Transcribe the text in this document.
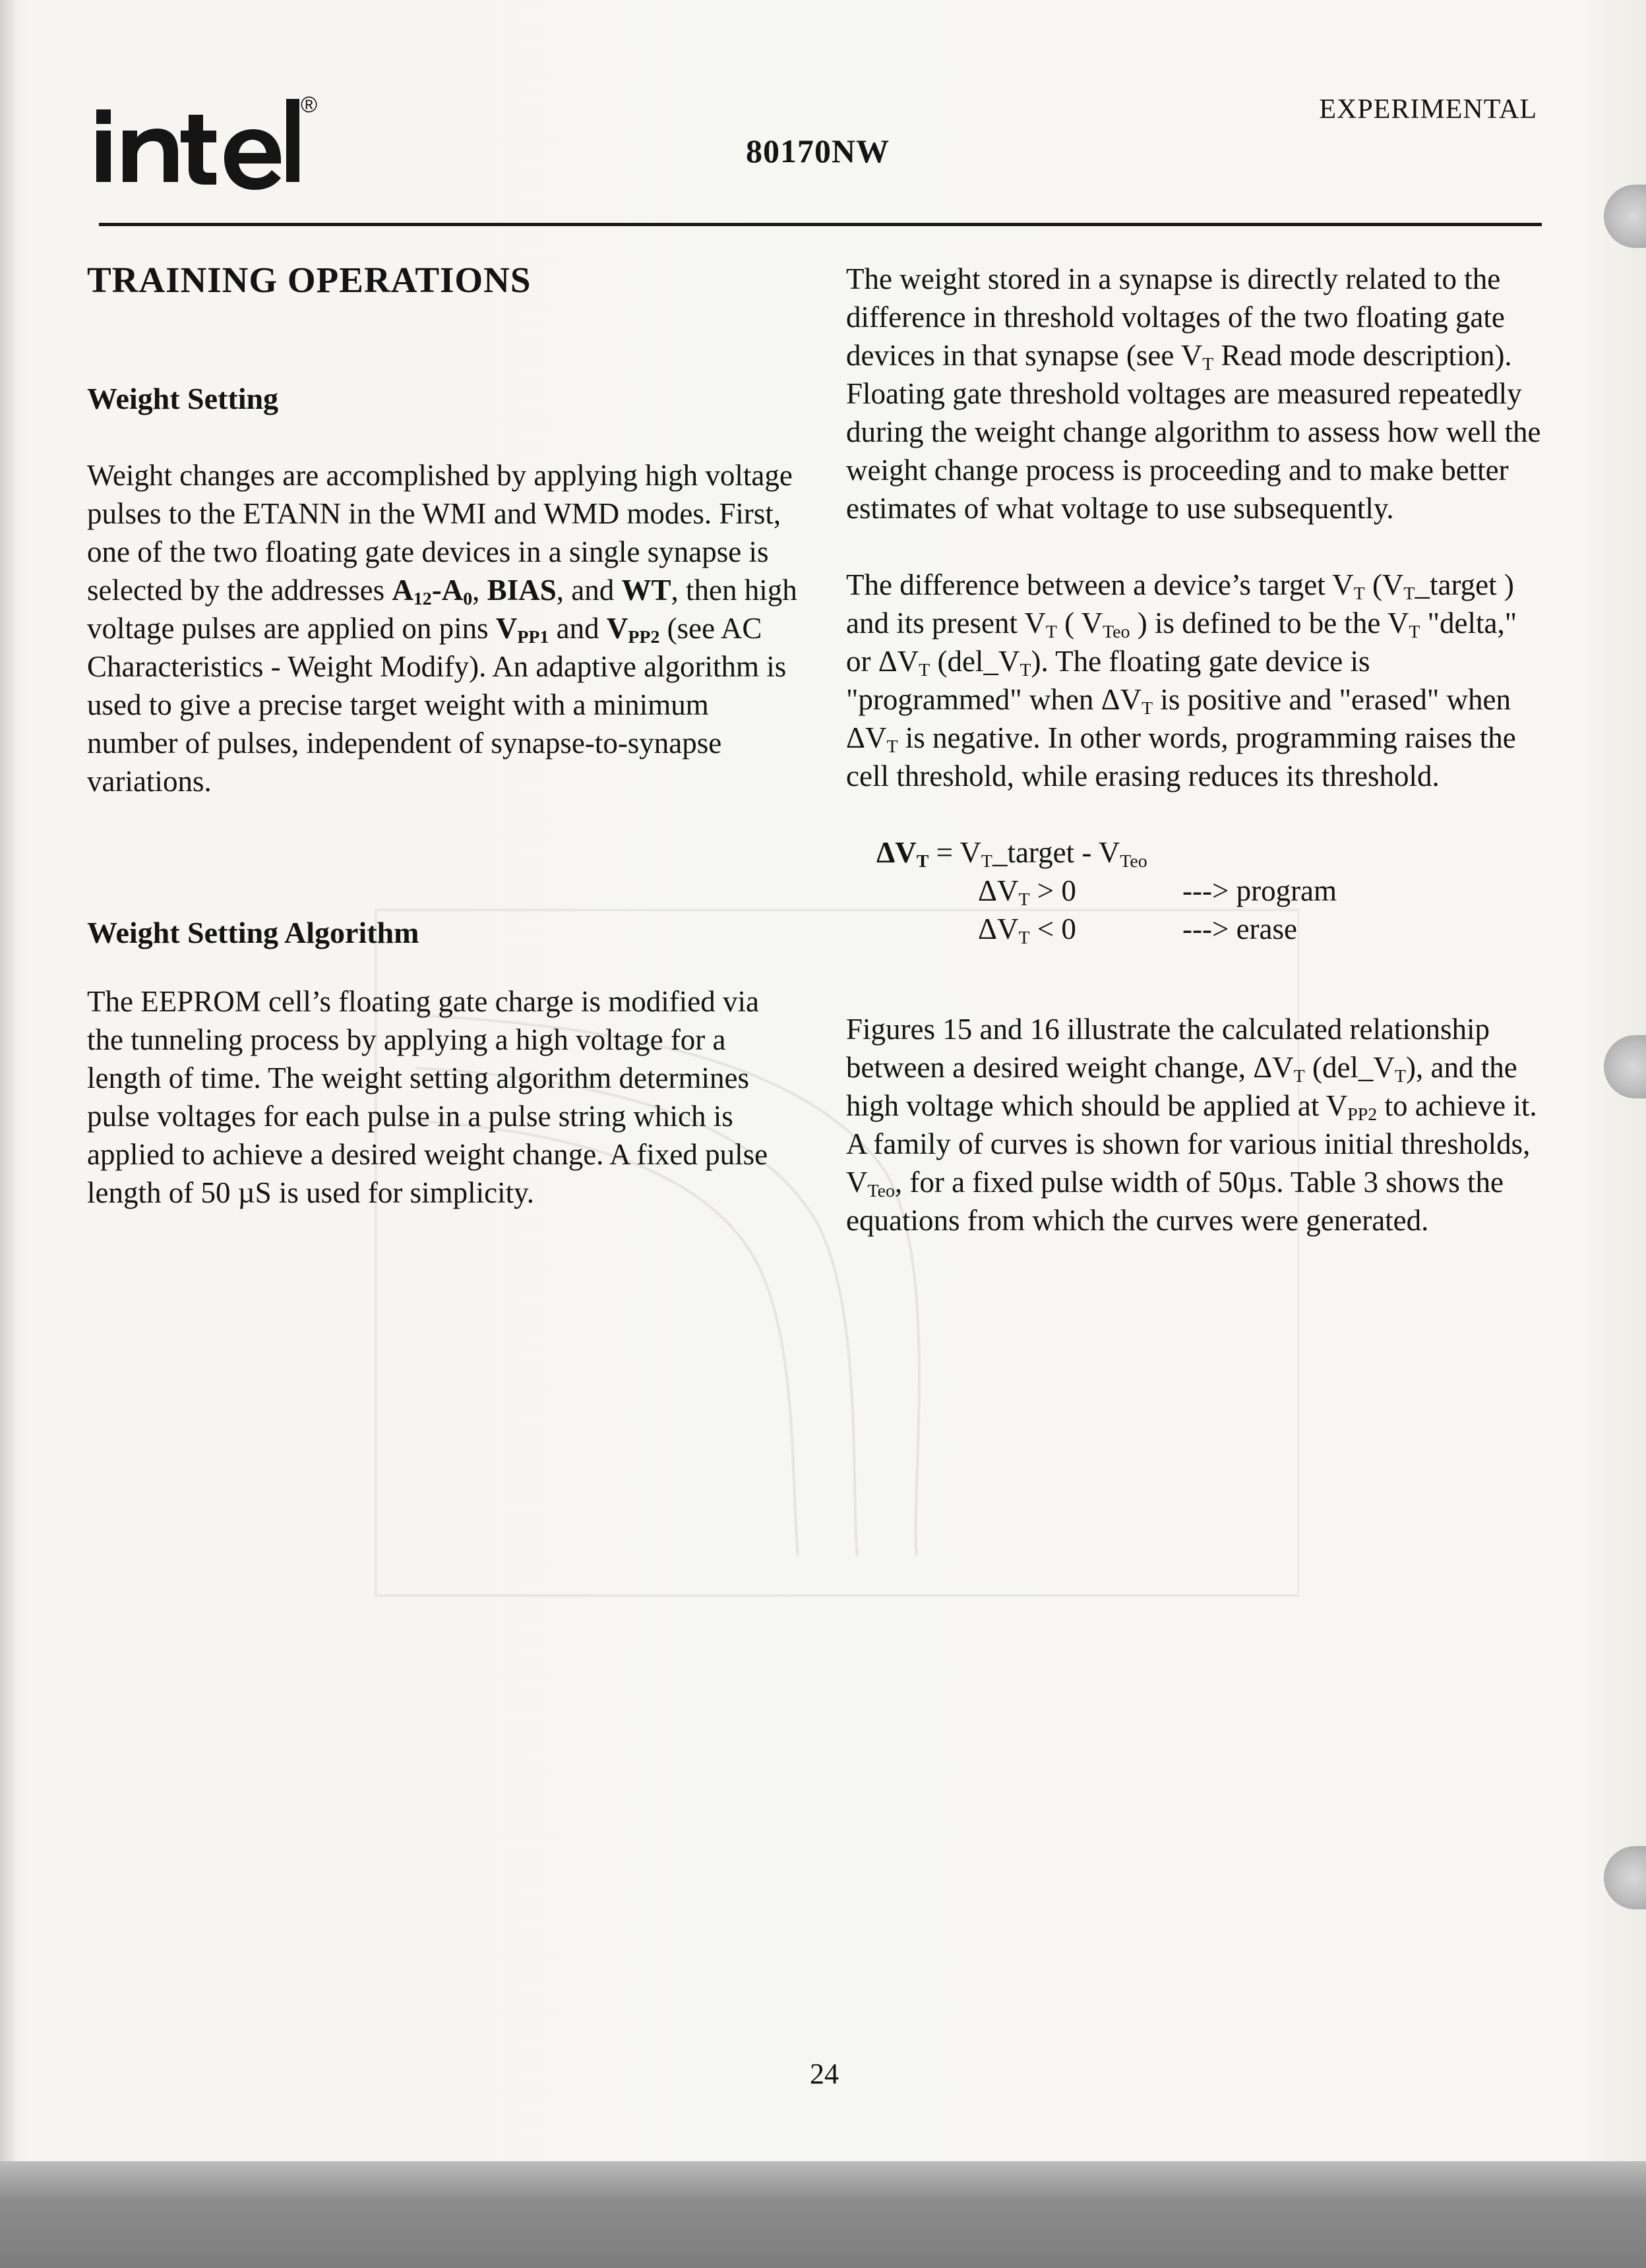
®
80170NW
EXPERIMENTAL
TRAINING OPERATIONS
Weight Setting

Weight changes are accomplished by applying high voltage pulses to the ETANN in the WMI and WMD modes. First, one of the two floating gate devices in a single synapse is selected by the addresses $A_{12}-A_0$, BIAS, and WT, then high voltage pulses are applied on pins $V_{PP1}$ and $V_{PP2}$ (see AC Characteristics - Weight Modify). An adaptive algorithm is used to give a precise target weight with a minimum number of pulses, independent of synapse-to-synapse variations.

Weight Setting Algorithm

The EEPROM cell’s floating gate charge is modified via the tunneling process by applying a high voltage for a length of time. The weight setting algorithm determines pulse voltages for each pulse in a pulse string which is applied to achieve a desired weight change. A fixed pulse length of 50 µS is used for simplicity.

The weight stored in a synapse is directly related to the difference in threshold voltages of the two floating gate devices in that synapse (see $V_T$ Read mode description). Floating gate threshold voltages are measured repeatedly during the weight change algorithm to assess how well the weight change process is proceeding and to make better estimates of what voltage to use subsequently.

The difference between a device’s target $V_T$ ($V_T\_target$ ) and its present $V_T$ ( $V_{Teo}$ ) is defined to be the $V_T$ "delta," or $\Delta V_T$ $(del\_V_T)$. The floating gate device is "programmed" when $\Delta V_T$ is positive and "erased" when $\Delta V_T$ is negative. In other words, programming raises the cell threshold, while erasing reduces its threshold.

$\Delta V_T$ = $V_T\_target - V_{Teo}$
$\Delta V_T > 0$	---> program
$\Delta V_T < 0$	---> erase

Figures 15 and 16 illustrate the calculated relationship between a desired weight change, $\Delta V_T$ $(del\_V_T)$, and the high voltage which should be applied at $V_{PP2}$ to achieve it. A family of curves is shown for various initial thresholds, $V_{Teo}$, for a fixed pulse width of 50µs. Table 3 shows the equations from which the curves were generated.

24
